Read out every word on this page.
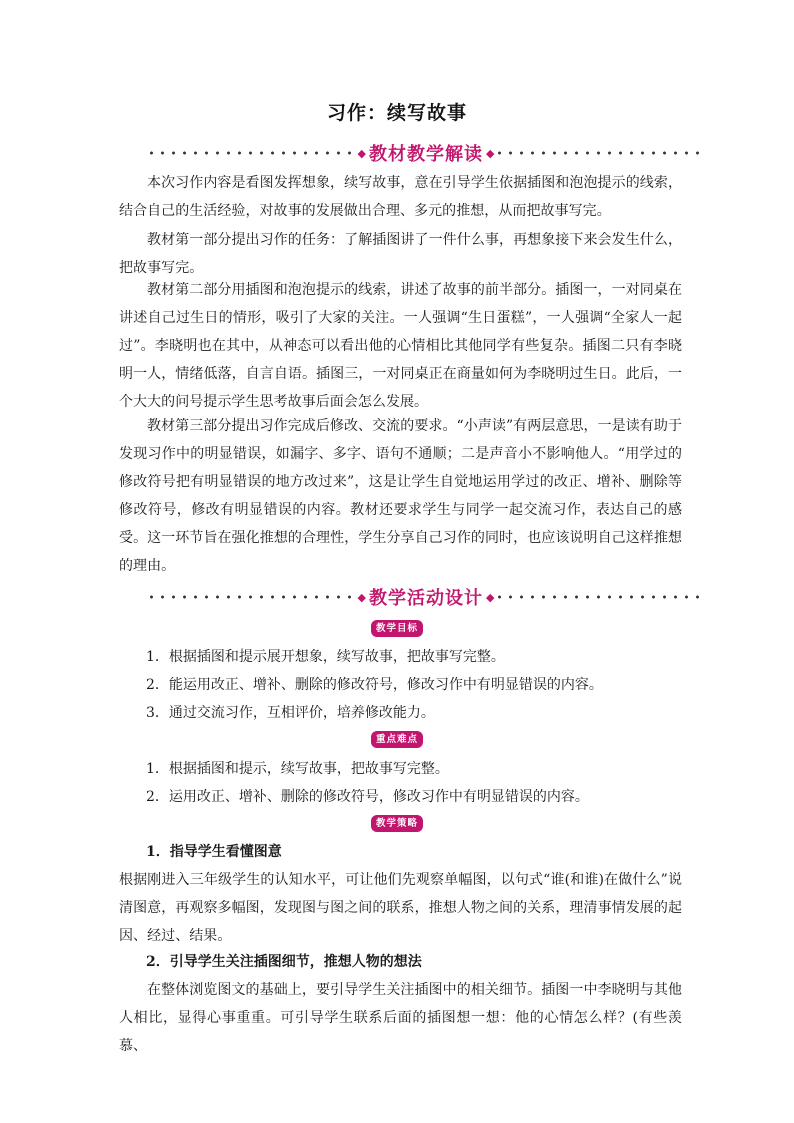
习作：续写故事
◆ 教材教学解读 ◆

本次习作内容是看图发挥想象，续写故事，意在引导学生依据插图和泡泡提示的线索，结合自己的生活经验，对故事的发展做出合理、多元的推想，从而把故事写完。

教材第一部分提出习作的任务：了解插图讲了一件什么事，再想象接下来会发生什么，把故事写完。

教材第二部分用插图和泡泡提示的线索，讲述了故事的前半部分。插图一，一对同桌在讲述自己过生日的情形，吸引了大家的关注。一人强调“生日蛋糕”，一人强调“全家人一起过”。李晓明也在其中，从神态可以看出他的心情相比其他同学有些复杂。插图二只有李晓明一人，情绪低落，自言自语。插图三，一对同桌正在商量如何为李晓明过生日。此后，一个大大的问号提示学生思考故事后面会怎么发展。

教材第三部分提出习作完成后修改、交流的要求。“小声读”有两层意思，一是读有助于发现习作中的明显错误，如漏字、多字、语句不通顺；二是声音小不影响他人。“用学过的修改符号把有明显错误的地方改过来”，这是让学生自觉地运用学过的改正、增补、删除等修改符号，修改有明显错误的内容。教材还要求学生与同学一起交流习作，表达自己的感受。这一环节旨在强化推想的合理性，学生分享自己习作的同时，也应该说明自己这样推想的理由。

◆ 教学活动设计 ◆
教学目标

1．根据插图和提示展开想象，续写故事，把故事写完整。

2．能运用改正、增补、删除的修改符号，修改习作中有明显错误的内容。

3．通过交流习作，互相评价，培养修改能力。

重点难点

1．根据插图和提示，续写故事，把故事写完整。

2．运用改正、增补、删除的修改符号，修改习作中有明显错误的内容。

教学策略

1．指导学生看懂图意

根据刚进入三年级学生的认知水平，可让他们先观察单幅图，以句式“谁(和谁)在做什么”说清图意，再观察多幅图，发现图与图之间的联系，推想人物之间的关系，理清事情发展的起因、经过、结果。

2．引导学生关注插图细节，推想人物的想法

在整体浏览图文的基础上，要引导学生关注插图中的相关细节。插图一中李晓明与其他人相比，显得心事重重。可引导学生联系后面的插图想一想：他的心情怎么样？(有些羡慕、
